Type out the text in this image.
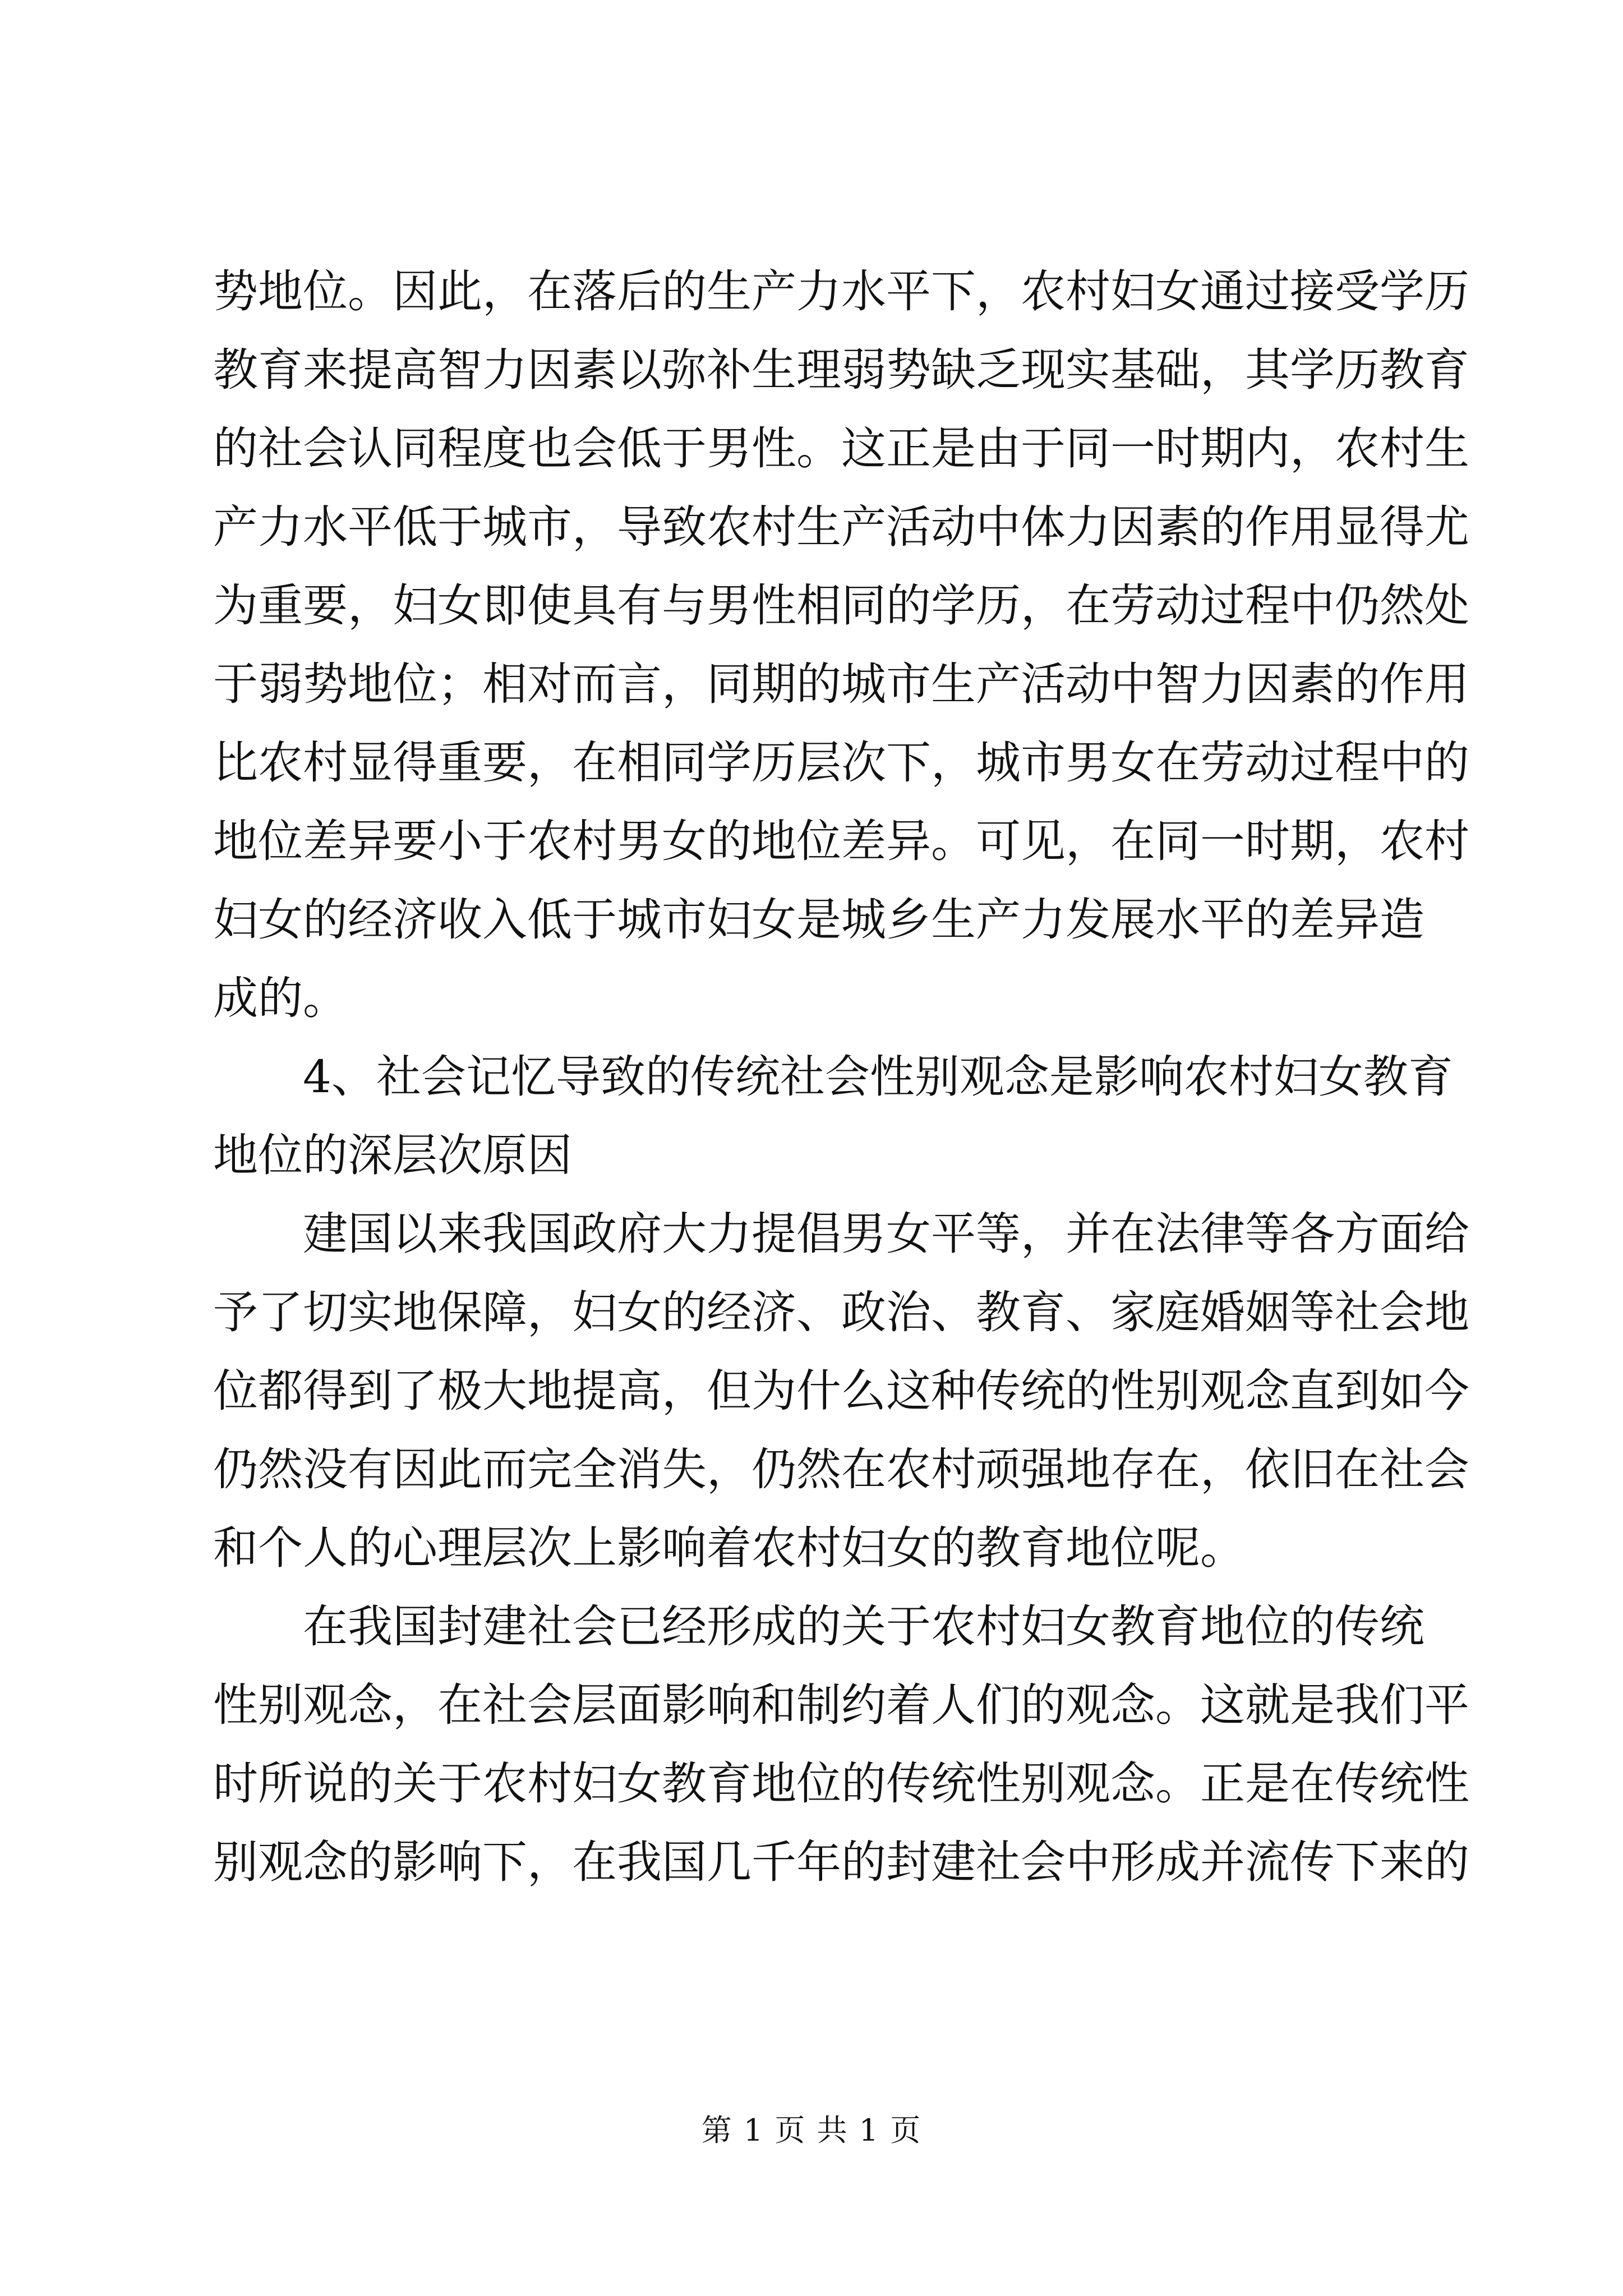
势地位。因此，在落后的生产力水平下，农村妇女通过接受学历
教育来提高智力因素以弥补生理弱势缺乏现实基础，其学历教育
的社会认同程度也会低于男性。这正是由于同一时期内，农村生
产力水平低于城市，导致农村生产活动中体力因素的作用显得尤
为重要，妇女即使具有与男性相同的学历，在劳动过程中仍然处
于弱势地位；相对而言，同期的城市生产活动中智力因素的作用
比农村显得重要，在相同学历层次下，城市男女在劳动过程中的
地位差异要小于农村男女的地位差异。可见，在同一时期，农村
妇女的经济收入低于城市妇女是城乡生产力发展水平的差异造
成的。
4、社会记忆导致的传统社会性别观念是影响农村妇女教育
地位的深层次原因
建国以来我国政府大力提倡男女平等，并在法律等各方面给
予了切实地保障，妇女的经济、政治、教育、家庭婚姻等社会地
位都得到了极大地提高，但为什么这种传统的性别观念直到如今
仍然没有因此而完全消失，仍然在农村顽强地存在，依旧在社会
和个人的心理层次上影响着农村妇女的教育地位呢。
在我国封建社会已经形成的关于农村妇女教育地位的传统
性别观念，在社会层面影响和制约着人们的观念。这就是我们平
时所说的关于农村妇女教育地位的传统性别观念。正是在传统性
别观念的影响下，在我国几千年的封建社会中形成并流传下来的
第 1 页 共 1 页
